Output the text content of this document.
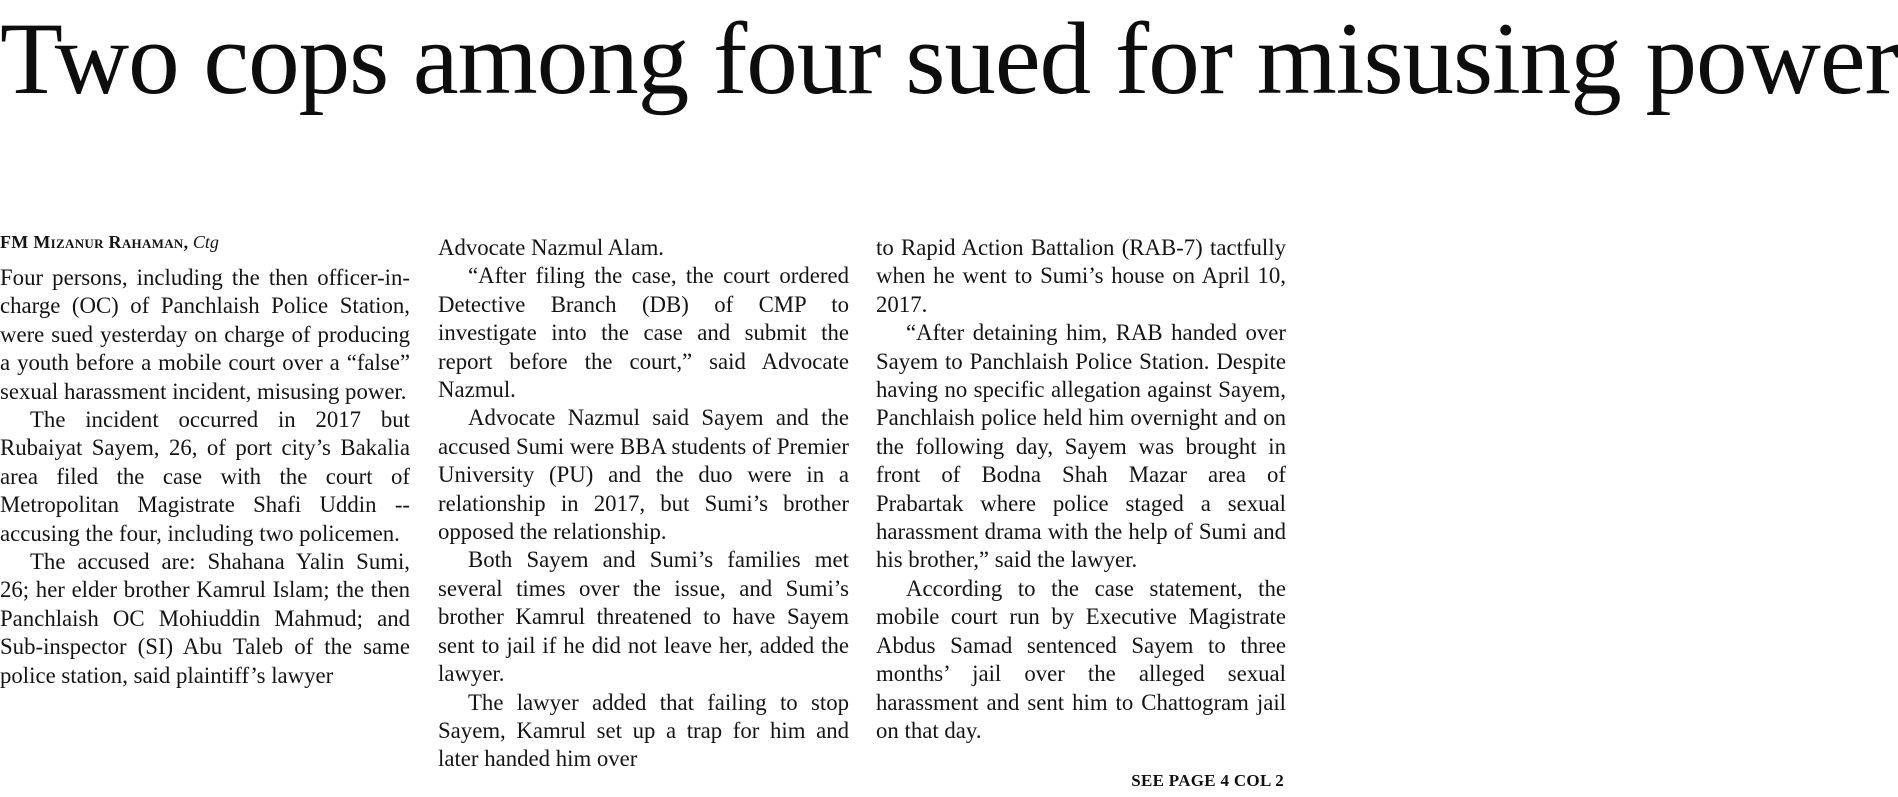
Two cops among four sued for misusing power
FM Mizanur Rahaman, Ctg

Four persons, including the then officer-in-charge (OC) of Panchlaish Police Station, were sued yesterday on charge of producing a youth before a mobile court over a “false” sexual harassment incident, misusing power.

The incident occurred in 2017 but Rubaiyat Sayem, 26, of port city’s Bakalia area filed the case with the court of Metropolitan Magistrate Shafi Uddin -- accusing the four, including two policemen.

The accused are: Shahana Yalin Sumi, 26; her elder brother Kamrul Islam; the then Panchlaish OC Mohiuddin Mahmud; and Sub-inspector (SI) Abu Taleb of the same police station, said plaintiff’s lawyer

Advocate Nazmul Alam.

“After filing the case, the court ordered Detective Branch (DB) of CMP to investigate into the case and submit the report before the court,” said Advocate Nazmul.

Advocate Nazmul said Sayem and the accused Sumi were BBA students of Premier University (PU) and the duo were in a relationship in 2017, but Sumi’s brother opposed the relationship.

Both Sayem and Sumi’s families met several times over the issue, and Sumi’s brother Kamrul threatened to have Sayem sent to jail if he did not leave her, added the lawyer.

The lawyer added that failing to stop Sayem, Kamrul set up a trap for him and later handed him over

to Rapid Action Battalion (RAB-7) tactfully when he went to Sumi’s house on April 10, 2017.

“After detaining him, RAB handed over Sayem to Panchlaish Police Station. Despite having no specific allegation against Sayem, Panchlaish police held him overnight and on the following day, Sayem was brought in front of Bodna Shah Mazar area of Prabartak where police staged a sexual harassment drama with the help of Sumi and his brother,” said the lawyer.

According to the case statement, the mobile court run by Executive Magistrate Abdus Samad sentenced Sayem to three months’ jail over the alleged sexual harassment and sent him to Chattogram jail on that day.

SEE PAGE 4 COL 2
